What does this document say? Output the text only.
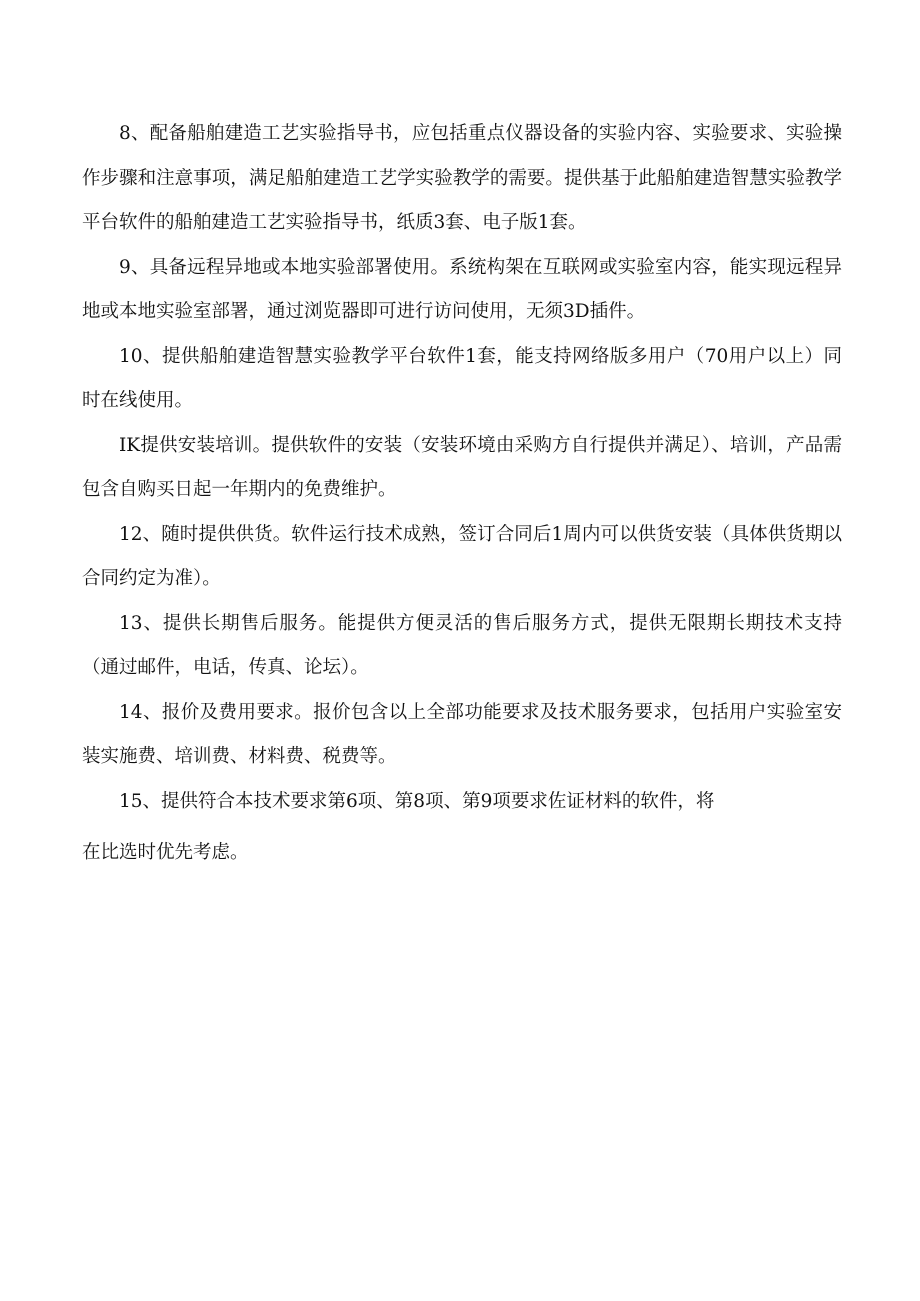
8、配备船舶建造工艺实验指导书，应包括重点仪器设备的实验内容、实验要求、实验操作步骤和注意事项，满足船舶建造工艺学实验教学的需要。提供基于此船舶建造智慧实验教学平台软件的船舶建造工艺实验指导书，纸质3套、电子版1套。

9、具备远程异地或本地实验部署使用。系统构架在互联网或实验室内容，能实现远程异地或本地实验室部署，通过浏览器即可进行访问使用，无须3D插件。

10、提供船舶建造智慧实验教学平台软件1套，能支持网络版多用户（70用户以上）同时在线使用。

IK提供安装培训。提供软件的安装（安装环境由采购方自行提供并满足）、培训，产品需包含自购买日起一年期内的免费维护。

12、随时提供供货。软件运行技术成熟，签订合同后1周内可以供货安装（具体供货期以合同约定为准）。

13、提供长期售后服务。能提供方便灵活的售后服务方式，提供无限期长期技术支持（通过邮件，电话，传真、论坛）。

14、报价及费用要求。报价包含以上全部功能要求及技术服务要求，包括用户实验室安装实施费、培训费、材料费、税费等。

15、提供符合本技术要求第6项、第8项、第9项要求佐证材料的软件，将
在比选时优先考虑。
